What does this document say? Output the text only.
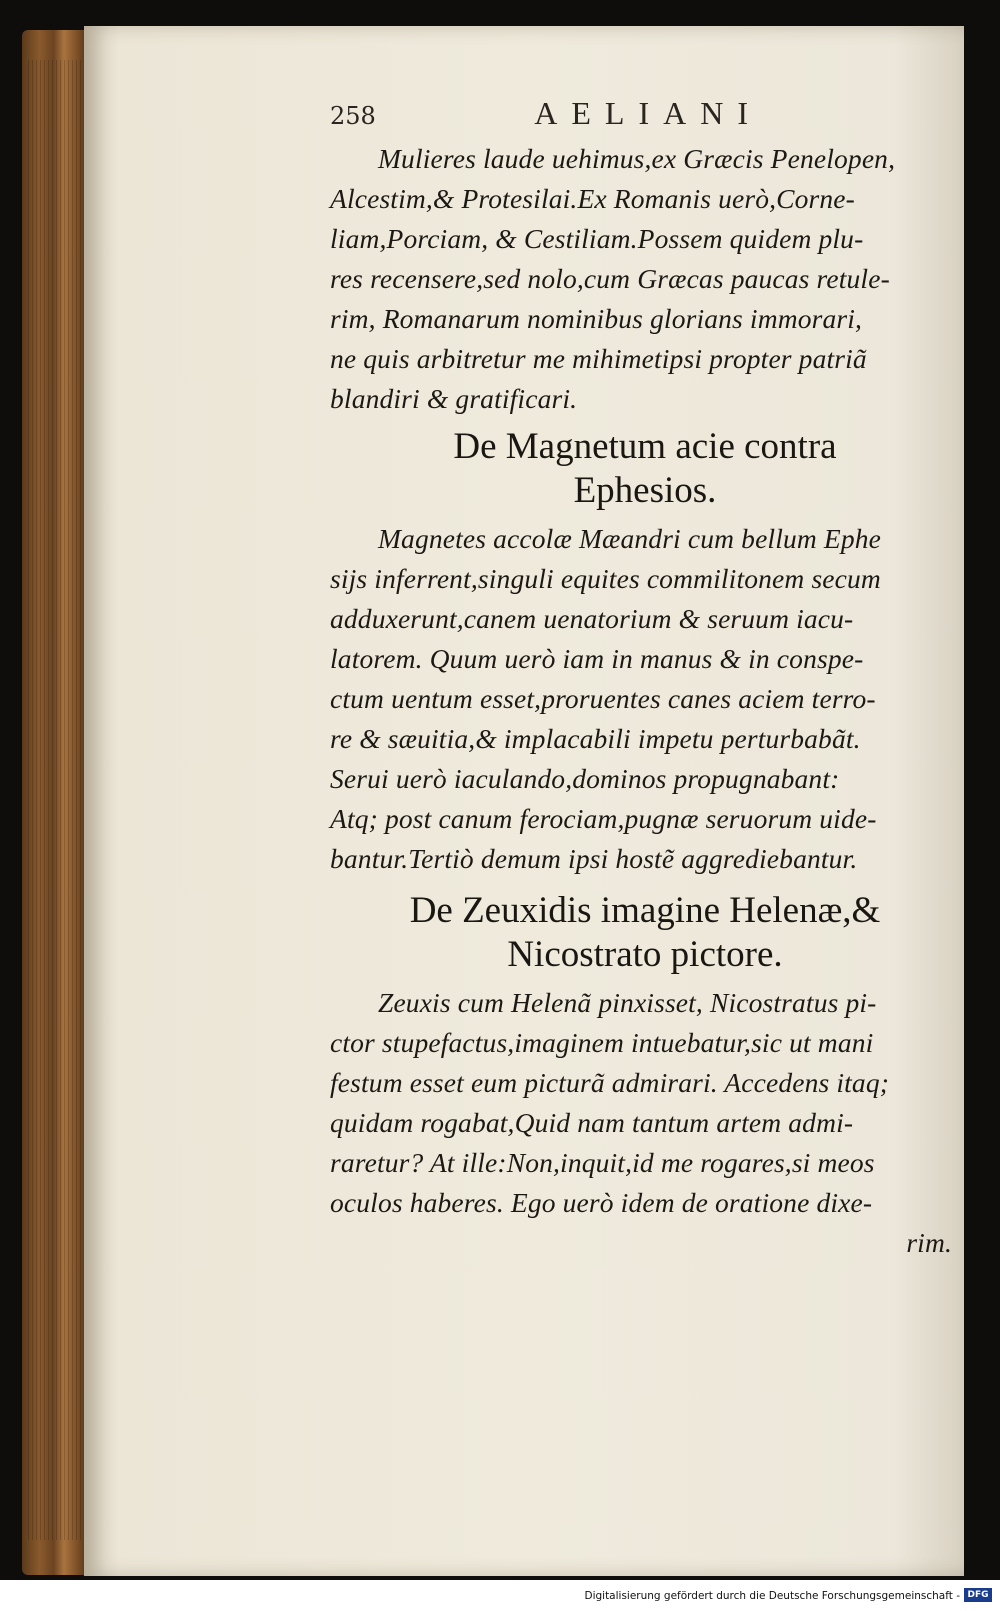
258	AELIANI

Mulieres laude uehimus,ex Græcis Penelopen,
Alcestim,& Protesilai.Ex Romanis uerò,Corne-
liam,Porciam, & Cestiliam.Possem quidem plu-
res recensere,sed nolo,cum Græcas paucas retule-
rim, Romanarum nominibus glorians immorari,
ne quis arbitretur me mihimetipsi propter patriã
blandiri & gratificari.

De Magnetum acie contra
Ephesios.

Magnetes accolæ Mæandri cum bellum Ephe
sijs inferrent,singuli equites commilitonem secum
adduxerunt,canem uenatorium & seruum iacu-
latorem. Quum uerò iam in manus & in conspe-
ctum uentum esset,proruentes canes aciem terro-
re & sæuitia,& implacabili impetu perturbabãt.
Serui uerò iaculando,dominos propugnabant:
Atq; post canum ferociam,pugnæ seruorum uide-
bantur.Tertiò demum ipsi hostẽ aggrediebantur.

De Zeuxidis imagine Helenæ,&
Nicostrato pictore.

Zeuxis cum Helenã pinxisset, Nicostratus pi-
ctor stupefactus,imaginem intuebatur,sic ut mani
festum esset eum picturã admirari. Accedens itaq;
quidam rogabat,Quid nam tantum artem admi-
raretur? At ille:Non,inquit,id me rogares,si meos
oculos haberes. Ego uerò idem de oratione dixe-
rim.

Digitalisierung gefördert durch die Deutsche Forschungsgemeinschaft - DFG
